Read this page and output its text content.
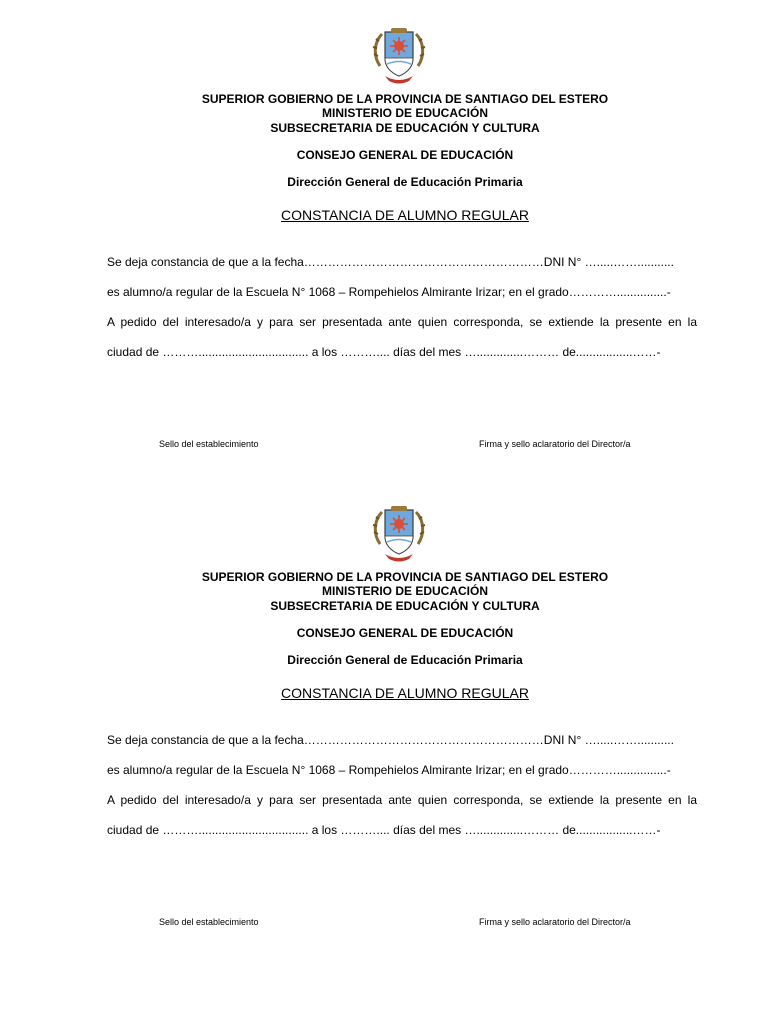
SUPERIOR GOBIERNO DE LA PROVINCIA DE SANTIAGO DEL ESTERO
MINISTERIO DE EDUCACIÓN
SUBSECRETARIA DE EDUCACIÓN Y CULTURA
CONSEJO GENERAL DE EDUCACIÓN
Dirección General de Educación Primaria
CONSTANCIA DE ALUMNO REGULAR
Se deja constancia de que a la fecha……………………………………………………DNI N° ….....……...........
es alumno/a regular de la Escuela N° 1068 – Rompehielos Almirante Irizar; en el grado…………...............-
A pedido del interesado/a y para ser presentada ante quien corresponda, se extiende la presente en la
ciudad de ………................................. a los ……….... días del mes …..............……… de.................……-
Sello del establecimiento	Firma y sello aclaratorio del Director/a
SUPERIOR GOBIERNO DE LA PROVINCIA DE SANTIAGO DEL ESTERO
MINISTERIO DE EDUCACIÓN
SUBSECRETARIA DE EDUCACIÓN Y CULTURA
CONSEJO GENERAL DE EDUCACIÓN
Dirección General de Educación Primaria
CONSTANCIA DE ALUMNO REGULAR
Se deja constancia de que a la fecha……………………………………………………DNI N° ….....……...........
es alumno/a regular de la Escuela N° 1068 – Rompehielos Almirante Irizar; en el grado…………...............-
A pedido del interesado/a y para ser presentada ante quien corresponda, se extiende la presente en la
ciudad de ………................................. a los ……….... días del mes …..............……… de.................……-
Sello del establecimiento	Firma y sello aclaratorio del Director/a
